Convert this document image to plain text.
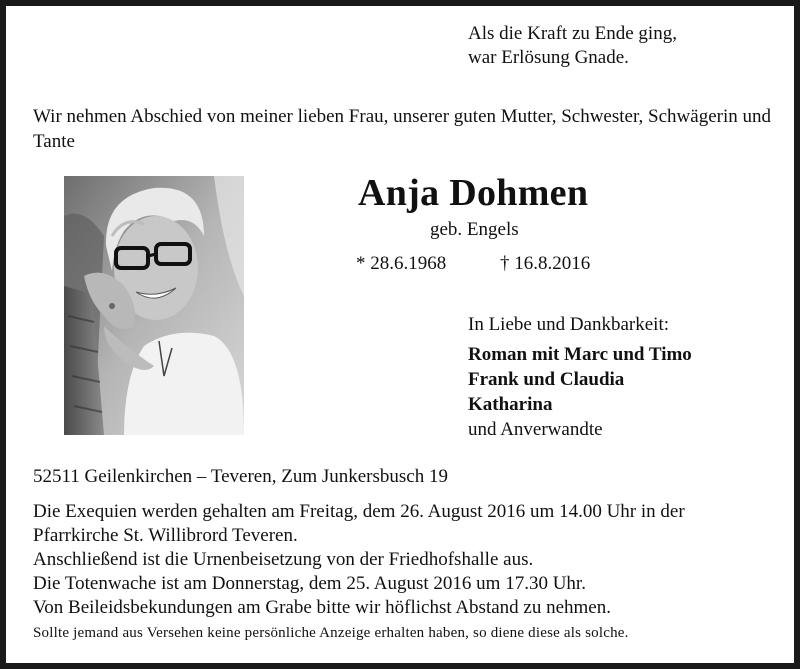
Als die Kraft zu Ende ging,
war Erlösung Gnade.
Wir nehmen Abschied von meiner lieben Frau, unserer guten Mutter, Schwester, Schwägerin und Tante
Anja Dohmen
geb. Engels
* 28.6.1968	† 16.8.2016
In Liebe und Dankbarkeit:
Roman mit Marc und Timo
Frank und Claudia
Katharina
und Anverwandte
52511 Geilenkirchen – Teveren, Zum Junkersbusch 19
Die Exequien werden gehalten am Freitag, dem 26. August 2016 um 14.00 Uhr in der
Pfarrkirche St. Willibrord Teveren.
Anschließend ist die Urnenbeisetzung von der Friedhofshalle aus.
Die Totenwache ist am Donnerstag, dem 25. August 2016 um 17.30 Uhr.
Von Beileidsbekundungen am Grabe bitte wir höflichst Abstand zu nehmen.
Sollte jemand aus Versehen keine persönliche Anzeige erhalten haben, so diene diese als solche.
